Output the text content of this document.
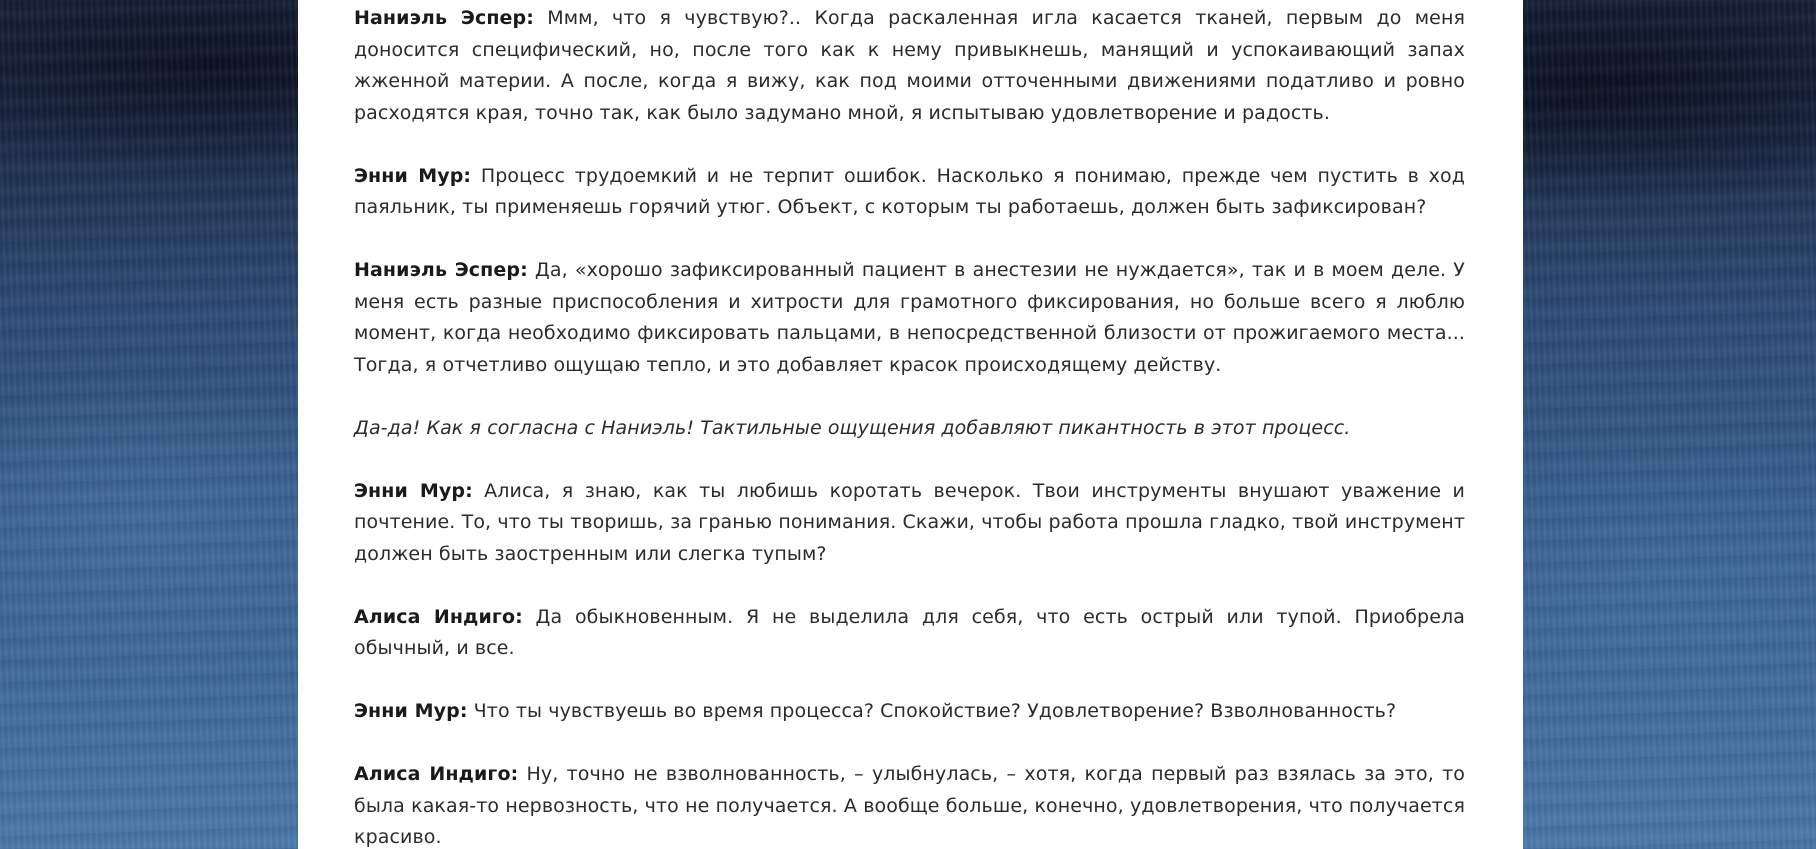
Наниэль Эспер: Ммм, что я чувствую?.. Когда раскаленная игла касается тканей, первым до меня доносится специфический, но, после того как к нему привыкнешь, манящий и успокаивающий запах жженной материи. А после, когда я вижу, как под моими отточенными движениями податливо и ровно расходятся края, точно так, как было задумано мной, я испытываю удовлетворение и радость.

Энни Мур: Процесс трудоемкий и не терпит ошибок. Насколько я понимаю, прежде чем пустить в ход паяльник, ты применяешь горячий утюг. Объект, с которым ты работаешь, должен быть зафиксирован?

Наниэль Эспер: Да, «хорошо зафиксированный пациент в анестезии не нуждается», так и в моем деле. У меня есть разные приспособления и хитрости для грамотного фиксирования, но больше всего я люблю момент, когда необходимо фиксировать пальцами, в непосредственной близости от прожигаемого места... Тогда, я отчетливо ощущаю тепло, и это добавляет красок происходящему действу.

Да-да! Как я согласна с Наниэль! Тактильные ощущения добавляют пикантность в этот процесс.

Энни Мур: Алиса, я знаю, как ты любишь коротать вечерок. Твои инструменты внушают уважение и почтение. То, что ты творишь, за гранью понимания. Скажи, чтобы работа прошла гладко, твой инструмент должен быть заостренным или слегка тупым?

Алиса Индиго: Да обыкновенным. Я не выделила для себя, что есть острый или тупой. Приобрела обычный, и все.

Энни Мур: Что ты чувствуешь во время процесса? Спокойствие? Удовлетворение? Взволнованность?

Алиса Индиго: Ну, точно не взволнованность, – улыбнулась, – хотя, когда первый раз взялась за это, то была какая-то нервозность, что не получается. А вообще больше, конечно, удовлетворения, что получается красиво.
